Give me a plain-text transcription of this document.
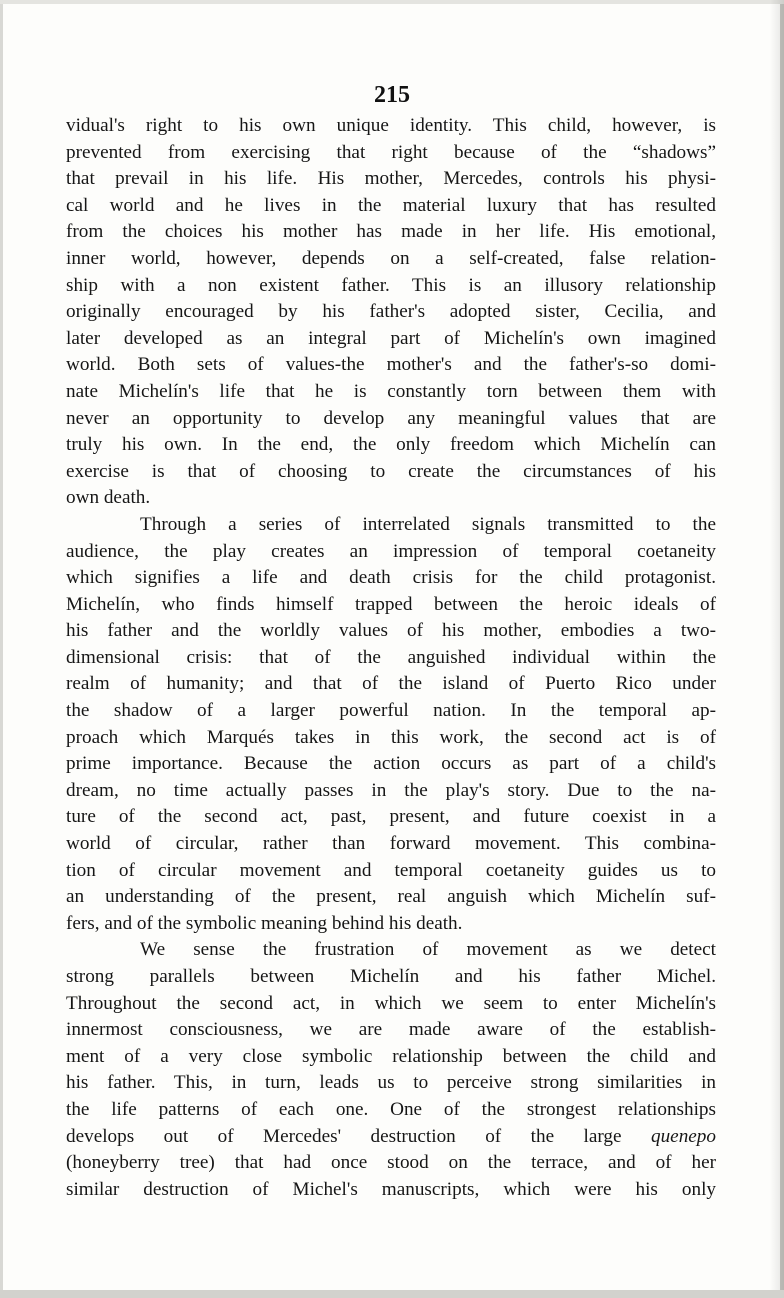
215
vidual's right to his own unique identity. This child, however, is
prevented from exercising that right because of the “shadows”
that prevail in his life. His mother, Mercedes, controls his physi-
cal world and he lives in the material luxury that has resulted
from the choices his mother has made in her life. His emotional,
inner world, however, depends on a self-created, false relation-
ship with a non existent father. This is an illusory relationship
originally encouraged by his father's adopted sister, Cecilia, and
later developed as an integral part of Michelín's own imagined
world. Both sets of values-the mother's and the father's-so domi-
nate Michelín's life that he is constantly torn between them with
never an opportunity to develop any meaningful values that are
truly his own. In the end, the only freedom which Michelín can
exercise is that of choosing to create the circumstances of his
own death.
Through a series of interrelated signals transmitted to the
audience, the play creates an impression of temporal coetaneity
which signifies a life and death crisis for the child protagonist.
Michelín, who finds himself trapped between the heroic ideals of
his father and the worldly values of his mother, embodies a two-
dimensional crisis: that of the anguished individual within the
realm of humanity; and that of the island of Puerto Rico under
the shadow of a larger powerful nation. In the temporal ap-
proach which Marqués takes in this work, the second act is of
prime importance. Because the action occurs as part of a child's
dream, no time actually passes in the play's story. Due to the na-
ture of the second act, past, present, and future coexist in a
world of circular, rather than forward movement. This combina-
tion of circular movement and temporal coetaneity guides us to
an understanding of the present, real anguish which Michelín suf-
fers, and of the symbolic meaning behind his death.
We sense the frustration of movement as we detect
strong parallels between Michelín and his father Michel.
Throughout the second act, in which we seem to enter Michelín's
innermost consciousness, we are made aware of the establish-
ment of a very close symbolic relationship between the child and
his father. This, in turn, leads us to perceive strong similarities in
the life patterns of each one. One of the strongest relationships
develops out of Mercedes' destruction of the large quenepo
(honeyberry tree) that had once stood on the terrace, and of her
similar destruction of Michel's manuscripts, which were his only
